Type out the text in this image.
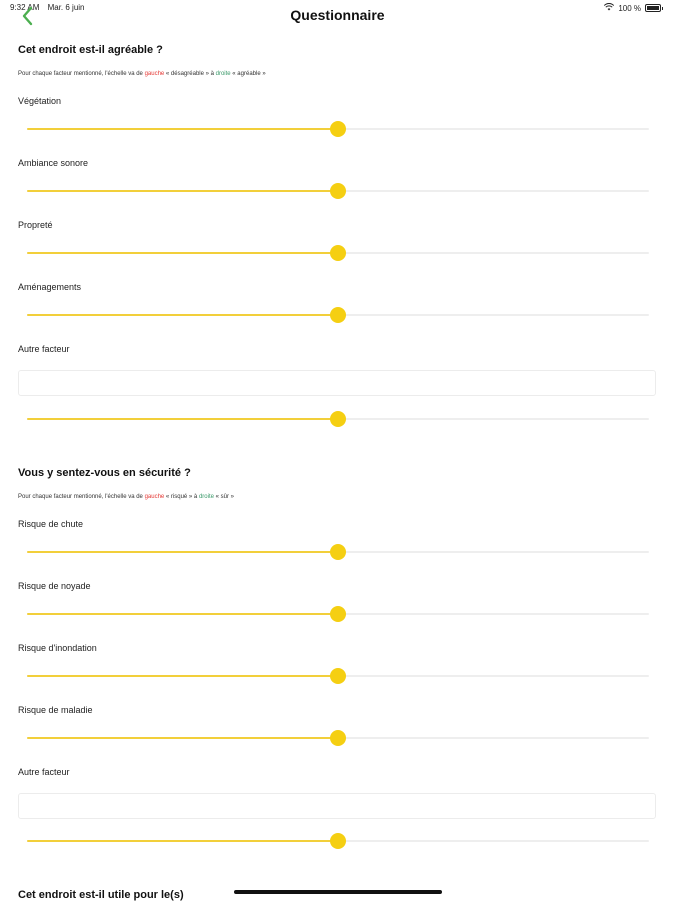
9:32 AM Mar. 6 juin	100 %
Questionnaire
Cet endroit est-il agréable ?
Pour chaque facteur mentionné, l'échelle va de gauche « désagréable » à droite « agréable »
Végétation
Ambiance sonore
Propreté
Aménagements
Autre facteur
Vous y sentez-vous en sécurité ?
Pour chaque facteur mentionné, l'échelle va de gauche « risqué » à droite « sûr »
Risque de chute
Risque de noyade
Risque d'inondation
Risque de maladie
Autre facteur
Cet endroit est-il utile pour le(s)
